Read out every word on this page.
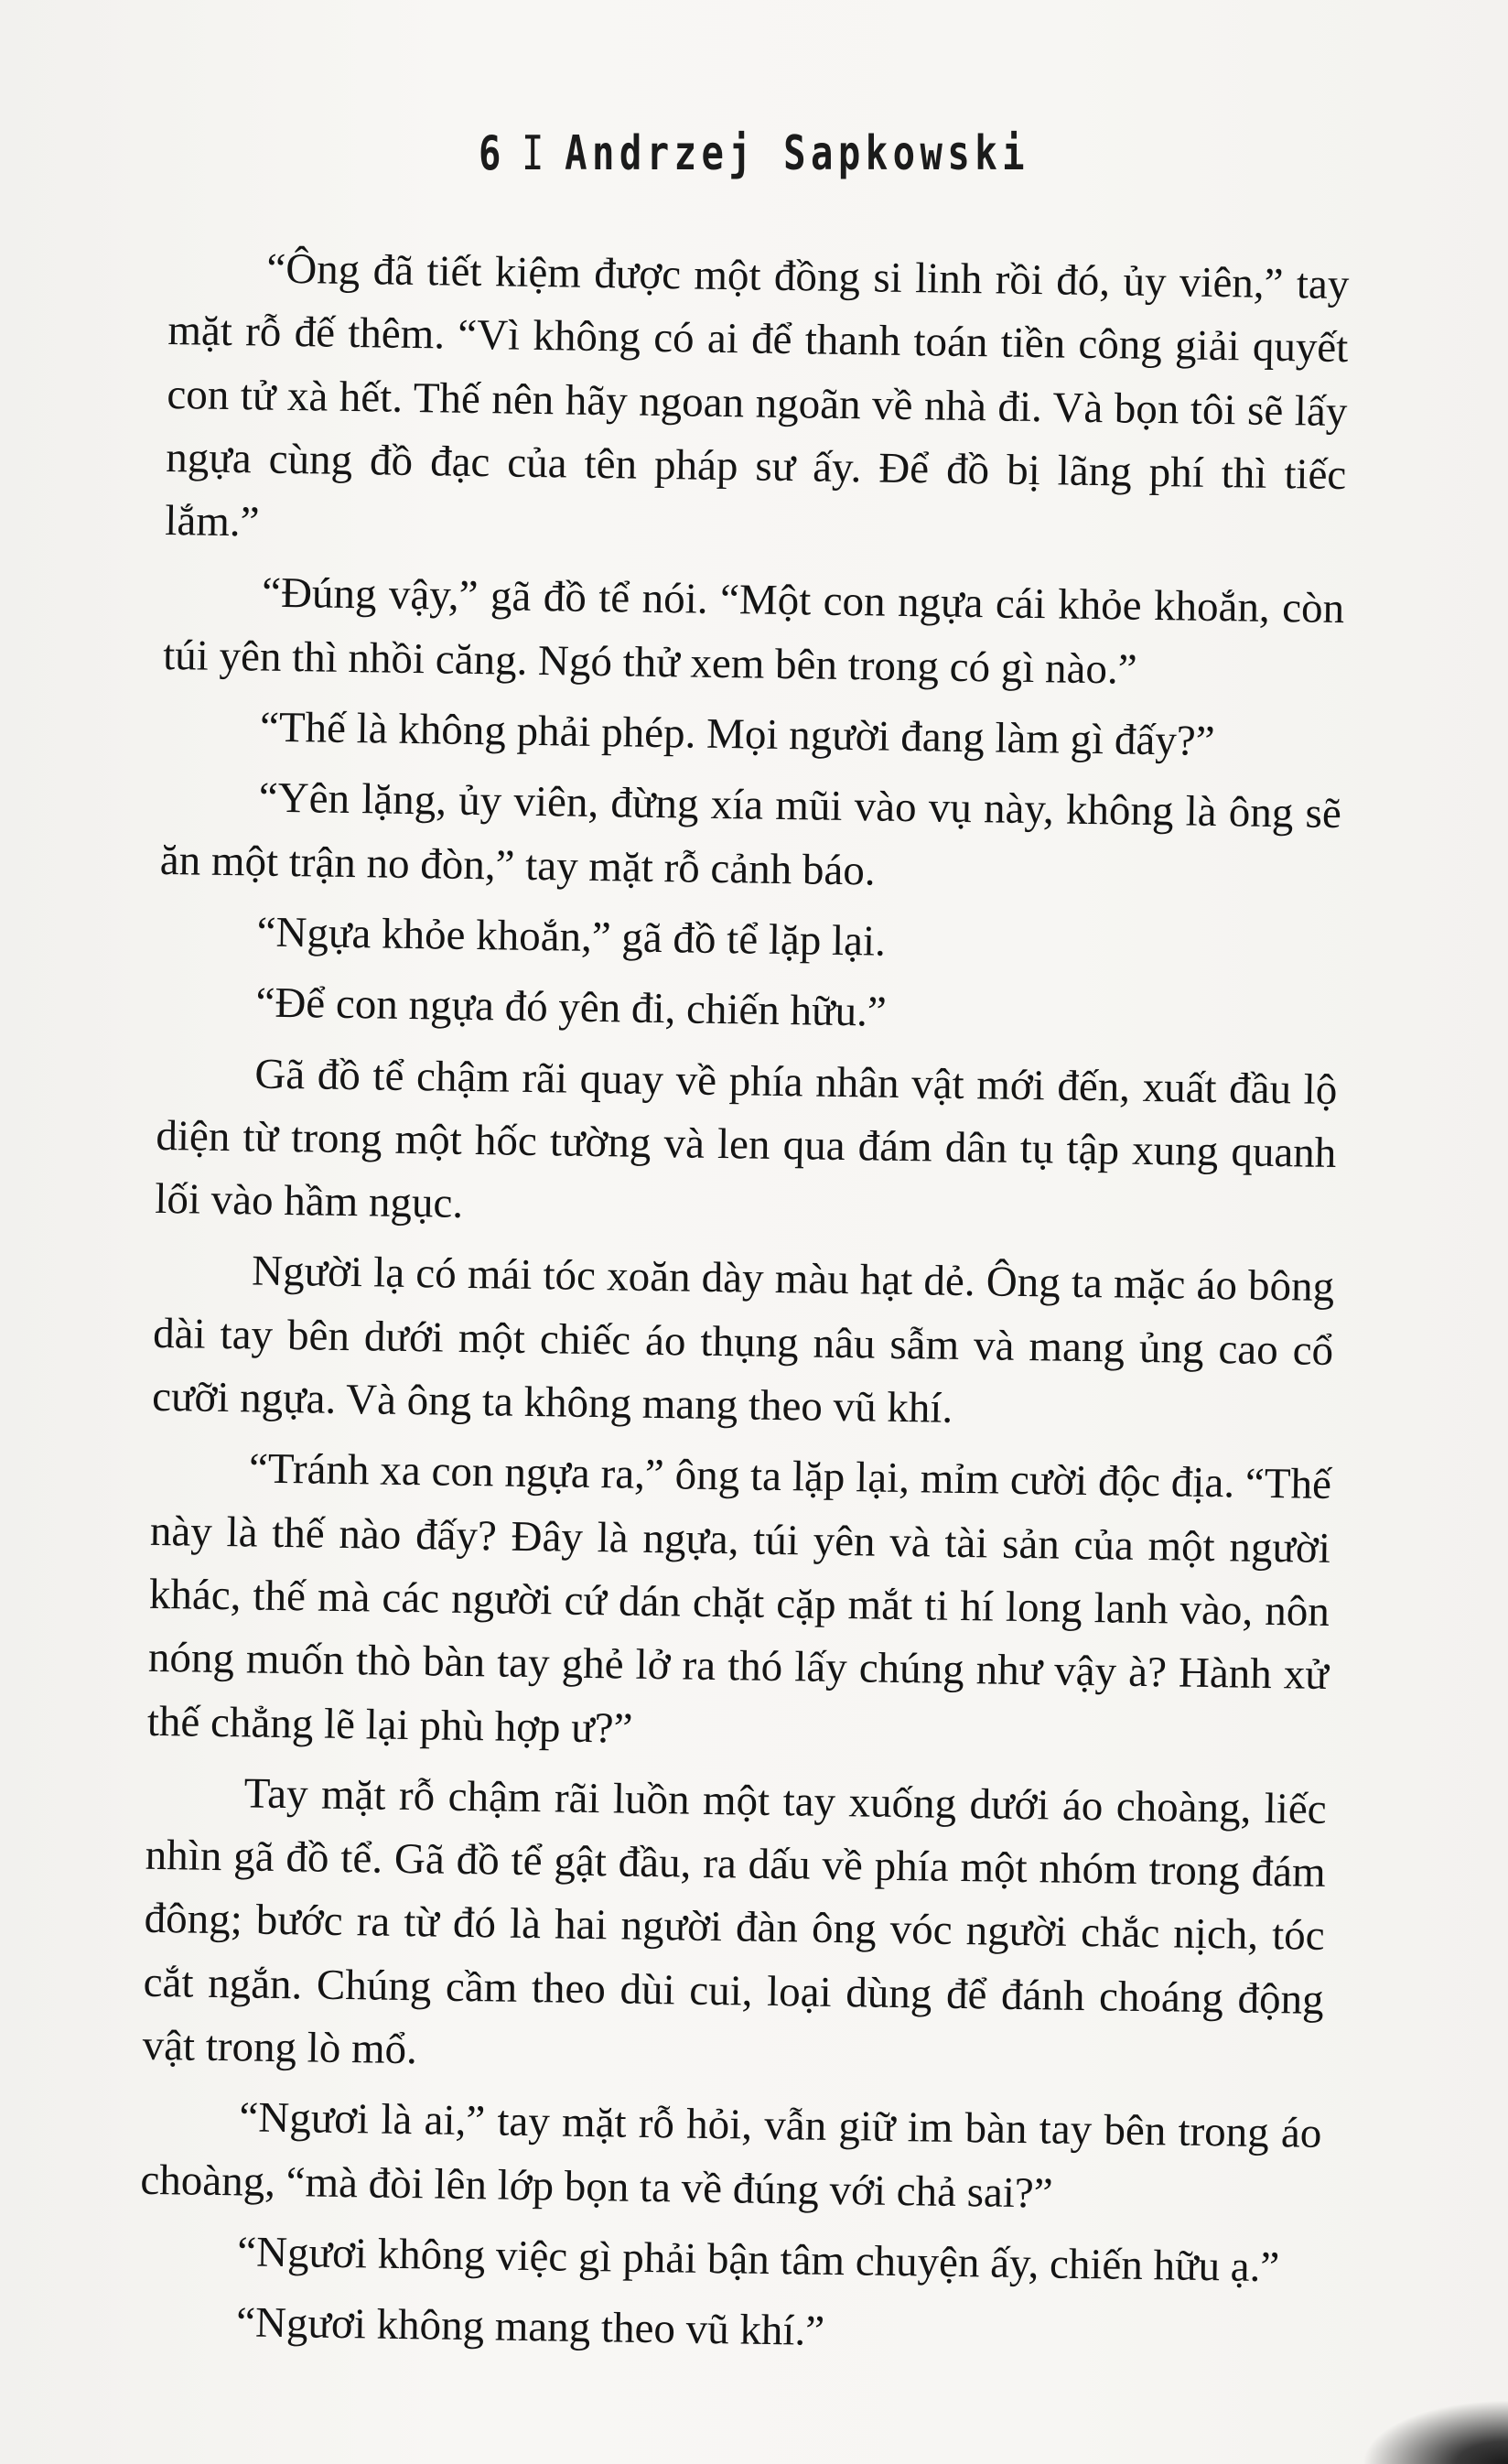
6 I Andrzej Sapkowski

“Ông đã tiết kiệm được một đồng si linh rồi đó, ủy viên,” tay mặt rỗ đế thêm. “Vì không có ai để thanh toán tiền công giải quyết con tử xà hết. Thế nên hãy ngoan ngoãn về nhà đi. Và bọn tôi sẽ lấy ngựa cùng đồ đạc của tên pháp sư ấy. Để đồ bị lãng phí thì tiếc lắm.”

“Đúng vậy,” gã đồ tể nói. “Một con ngựa cái khỏe khoắn, còn túi yên thì nhồi căng. Ngó thử xem bên trong có gì nào.”

“Thế là không phải phép. Mọi người đang làm gì đấy?”

“Yên lặng, ủy viên, đừng xía mũi vào vụ này, không là ông sẽ ăn một trận no đòn,” tay mặt rỗ cảnh báo.

“Ngựa khỏe khoắn,” gã đồ tể lặp lại.

“Để con ngựa đó yên đi, chiến hữu.”

Gã đồ tể chậm rãi quay về phía nhân vật mới đến, xuất đầu lộ diện từ trong một hốc tường và len qua đám dân tụ tập xung quanh lối vào hầm ngục.

Người lạ có mái tóc xoăn dày màu hạt dẻ. Ông ta mặc áo bông dài tay bên dưới một chiếc áo thụng nâu sẫm và mang ủng cao cổ cưỡi ngựa. Và ông ta không mang theo vũ khí.

“Tránh xa con ngựa ra,” ông ta lặp lại, mỉm cười độc địa. “Thế này là thế nào đấy? Đây là ngựa, túi yên và tài sản của một người khác, thế mà các người cứ dán chặt cặp mắt ti hí long lanh vào, nôn nóng muốn thò bàn tay ghẻ lở ra thó lấy chúng như vậy à? Hành xử thế chẳng lẽ lại phù hợp ư?”

Tay mặt rỗ chậm rãi luồn một tay xuống dưới áo choàng, liếc nhìn gã đồ tể. Gã đồ tể gật đầu, ra dấu về phía một nhóm trong đám đông; bước ra từ đó là hai người đàn ông vóc người chắc nịch, tóc cắt ngắn. Chúng cầm theo dùi cui, loại dùng để đánh choáng động vật trong lò mổ.

“Ngươi là ai,” tay mặt rỗ hỏi, vẫn giữ im bàn tay bên trong áo choàng, “mà đòi lên lớp bọn ta về đúng với chả sai?”

“Ngươi không việc gì phải bận tâm chuyện ấy, chiến hữu ạ.”

“Ngươi không mang theo vũ khí.”
